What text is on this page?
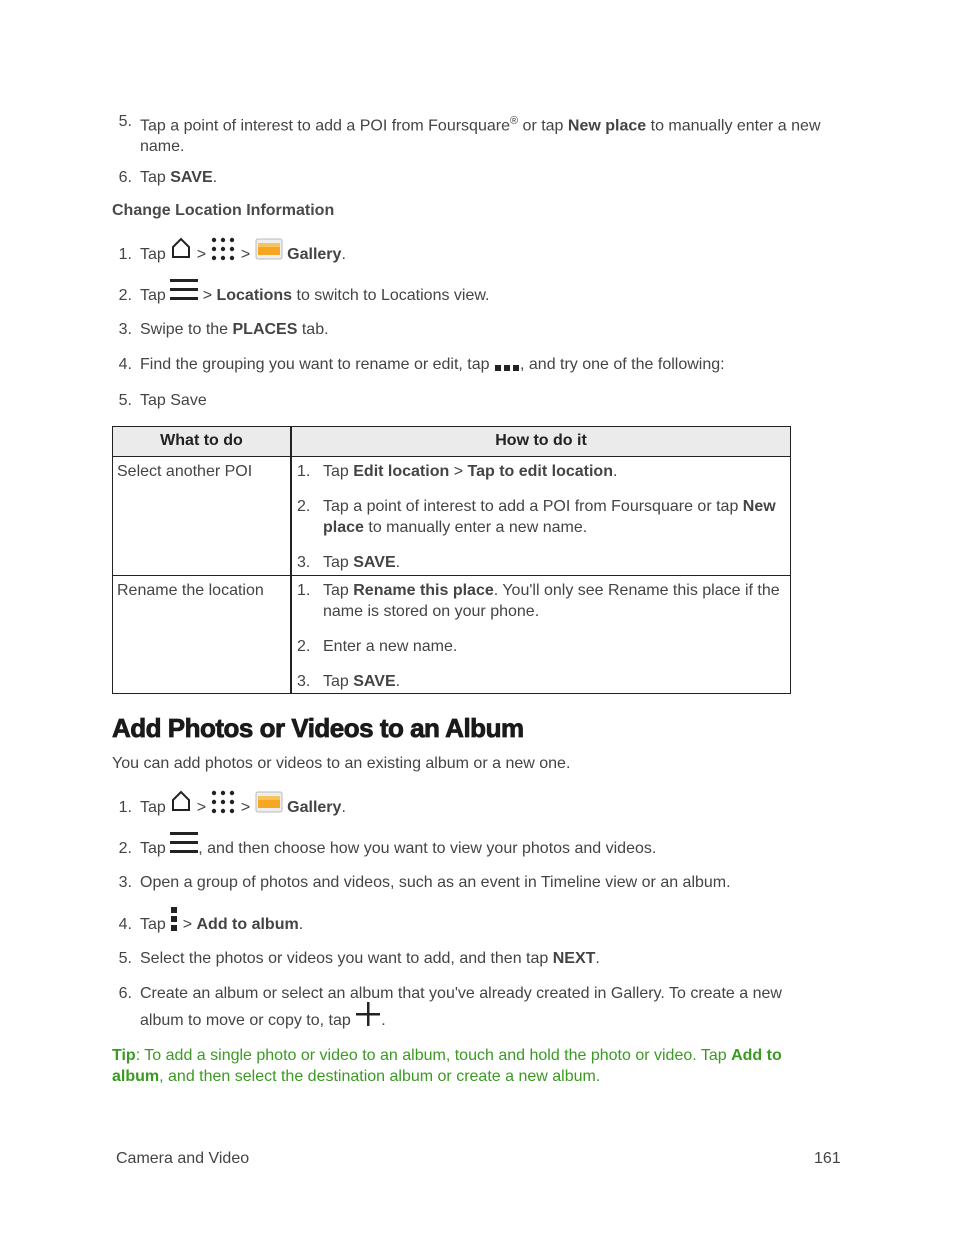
5. Tap a point of interest to add a POI from Foursquare® or tap New place to manually enter a new name.
6. Tap SAVE.
Change Location Information
1. Tap  >  >  Gallery.
2. Tap  > Locations to switch to Locations view.
3. Swipe to the PLACES tab.
4. Find the grouping you want to rename or edit, tap , and try one of the following:
5. Tap Save
What to do	How to do it
Select another POI	1. Tap Edit location > Tap to edit location.
2. Tap a point of interest to add a POI from Foursquare or tap New place to manually enter a new name.
3. Tap SAVE.
Rename the location 1. Tap Rename this place. You'll only see Rename this place if the name is stored on your phone.
2. Enter a new name.
3. Tap SAVE.
Add Photos or Videos to an Album
You can add photos or videos to an existing album or a new one.
1. Tap  >  >  Gallery.
2. Tap , and then choose how you want to view your photos and videos.
3. Open a group of photos and videos, such as an event in Timeline view or an album.
4. Tap  > Add to album.
5. Select the photos or videos you want to add, and then tap NEXT.
6. Create an album or select an album that you've already created in Gallery. To create a new album to move or copy to, tap .
Tip: To add a single photo or video to an album, touch and hold the photo or video. Tap Add to album, and then select the destination album or create a new album.
Camera and Video	161
